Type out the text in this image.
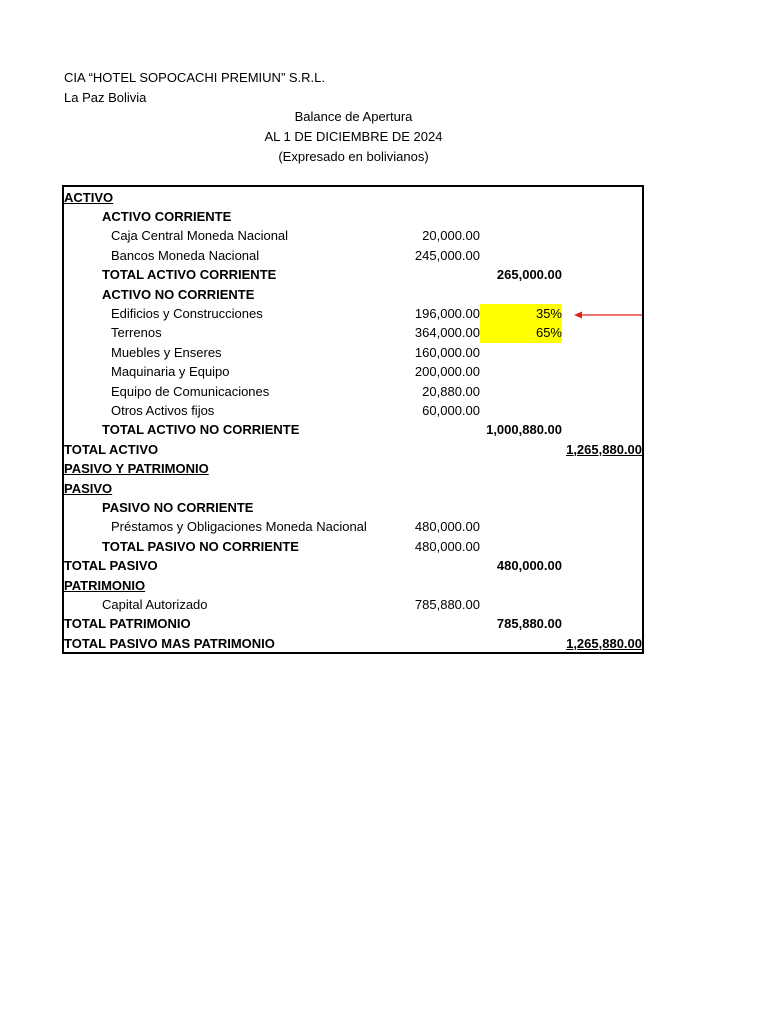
CIA “HOTEL SOPOCACHI PREMIUN” S.R.L.
La Paz Bolivia
Balance de Apertura
AL 1 DE DICIEMBRE DE 2024
(Expresado en bolivianos)
ACTIVO
ACTIVO CORRIENTE
Caja Central Moneda Nacional	20,000.00
Bancos Moneda Nacional	245,000.00
TOTAL ACTIVO CORRIENTE	265,000.00
ACTIVO NO CORRIENTE
Edificios y Construcciones	196,000.00	35%
Terrenos	364,000.00	65%
Muebles y Enseres	160,000.00
Maquinaria y Equipo	200,000.00
Equipo de Comunicaciones	20,880.00
Otros Activos fijos	60,000.00
TOTAL ACTIVO NO CORRIENTE	1,000,880.00
TOTAL ACTIVO	1,265,880.00
PASIVO Y PATRIMONIO
PASIVO
PASIVO NO CORRIENTE
Préstamos y Obligaciones Moneda Nacional	480,000.00
TOTAL PASIVO NO CORRIENTE	480,000.00
TOTAL PASIVO	480,000.00
PATRIMONIO
Capital Autorizado	785,880.00
TOTAL PATRIMONIO	785,880.00
TOTAL PASIVO MAS PATRIMONIO	1,265,880.00
